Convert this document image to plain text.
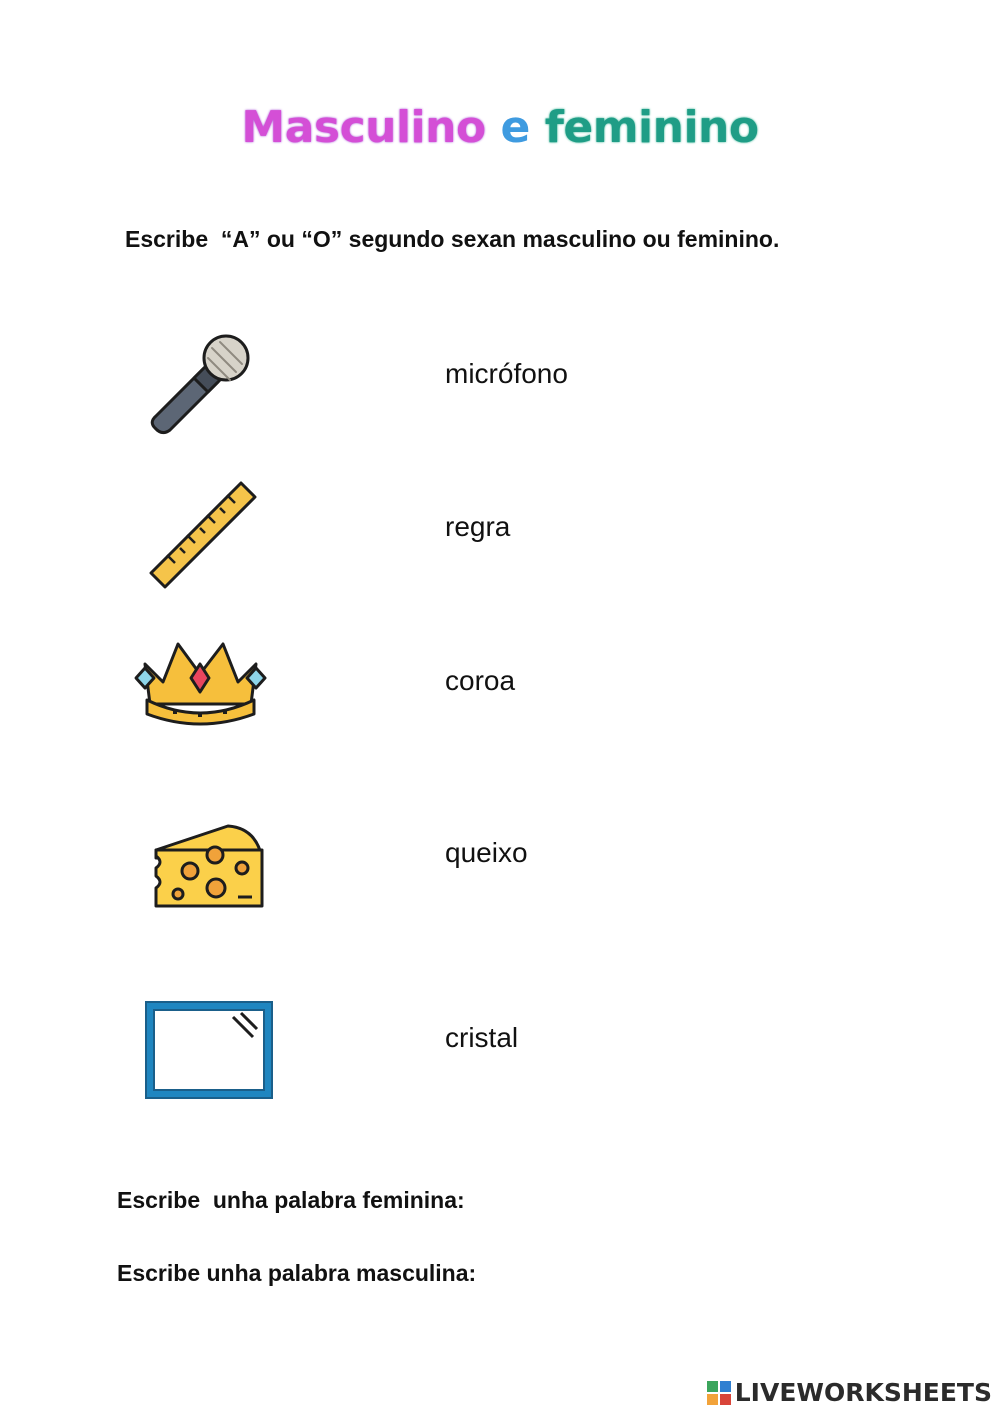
Masculino e feminino
Escribe  “A” ou “O” segundo sexan masculino ou feminino.
micrófono
regra
coroa
queixo
cristal
Escribe  unha palabra feminina:
Escribe unha palabra masculina:
LIVEWORKSHEETS
